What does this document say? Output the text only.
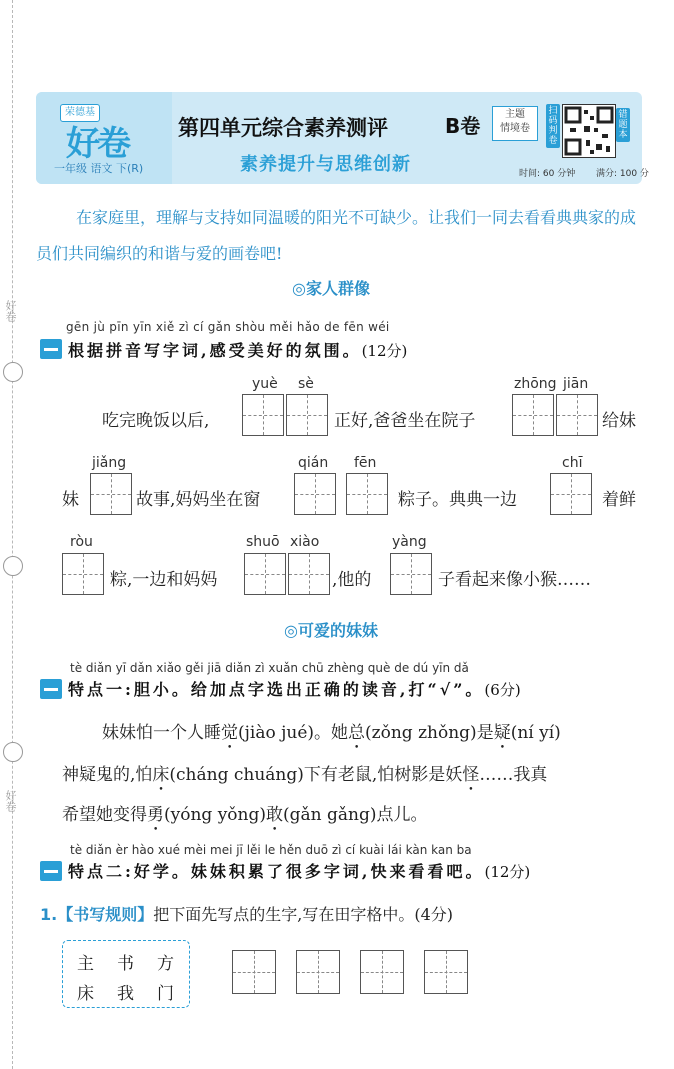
好卷
好卷
荣德基
好卷
一年级 语文 下(R)
第四单元综合素养测评	B卷	主题
情境卷
素养提升与思维创新	时间: 60 分钟 满分: 100 分
扫码判卷
错题本
在家庭里，理解与支持如同温暖的阳光不可缺少。让我们一同去看看典典家的成员们共同编织的和谐与爱的画卷吧!
◎家人群像
gēn jù pīn yīn xiě zì cí gǎn shòu měi hǎo de fēn wéi
根据拼音写字词,感受美好的氛围。(12分)
yuè sè	zhōng jiān
吃完晚饭以后,	正好,爸爸坐在院子	给妹
jiǎng	qián fēn	chī
妹	故事,妈妈坐在窗	粽子。典典一边	着鲜
ròu	shuō xiào	yàng
粽,一边和妈妈	,他的	子看起来像小猴……
◎可爱的妹妹
tè diǎn yī dǎn xiǎo gěi jiā diǎn zì xuǎn chū zhèng què de dú yīn dǎ
特点一:胆小。给加点字选出正确的读音,打“√”。(6分)
妹妹怕一个人睡觉(jiào jué)。她总(zǒng zhǒng)是疑(ní yí)
神疑鬼的,怕床(cháng chuáng)下有老鼠,怕树影是妖怪……我真
希望她变得勇(yóng yǒng)敢(gǎn gǎng)点儿。
tè diǎn èr hào xué mèi mei jī lěi le hěn duō zì cí kuài lái kàn kan ba
特点二:好学。妹妹积累了很多字词,快来看看吧。(12分)
1.【书写规则】把下面先写点的生字,写在田字格中。(4分)
主 书 方
床 我 门
